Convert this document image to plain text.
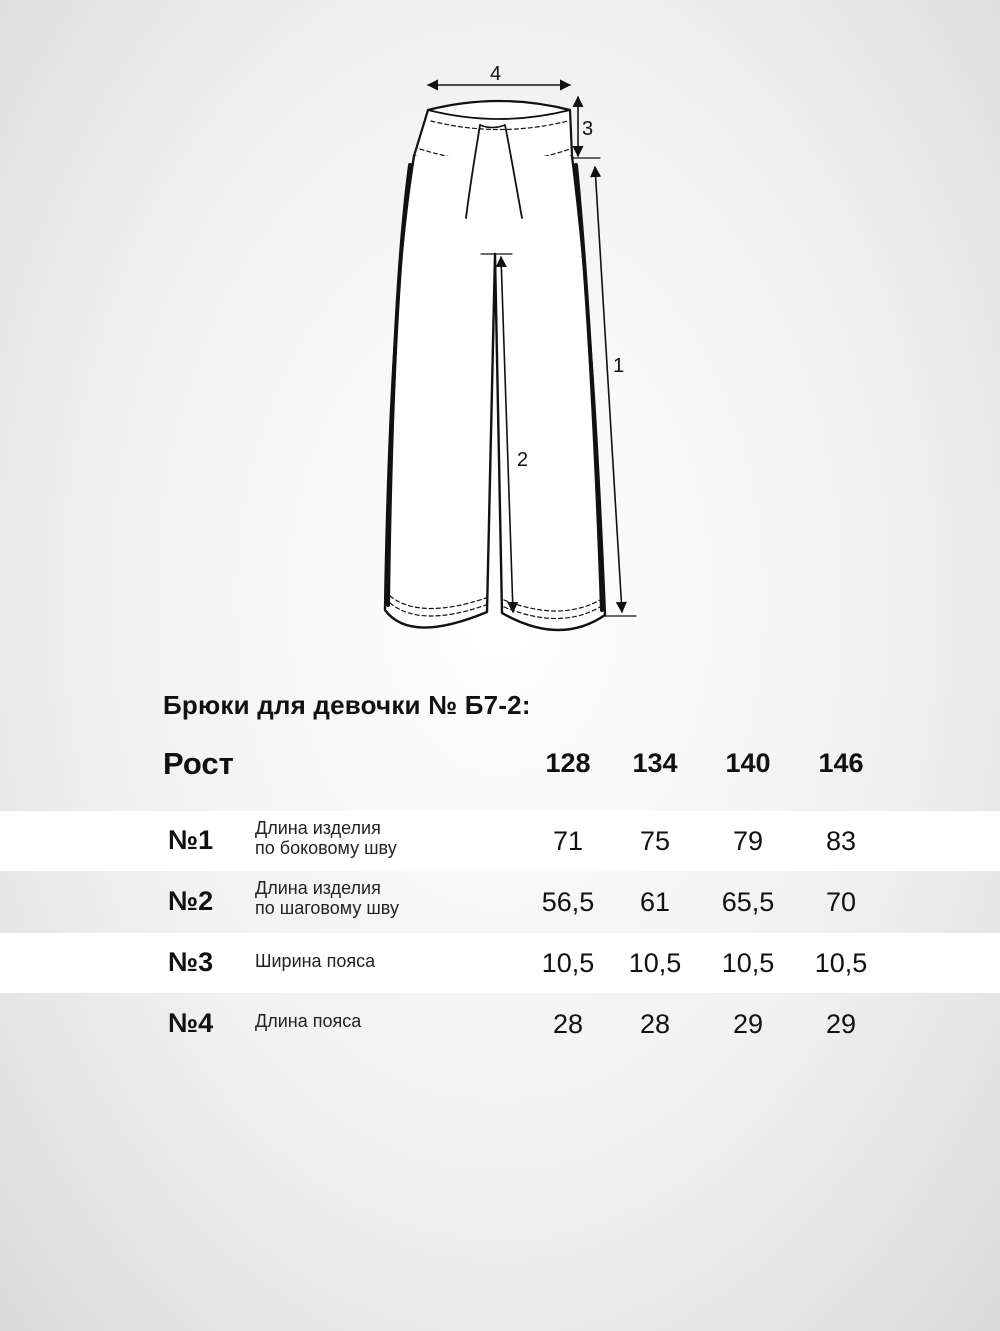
4
3
1
2
Брюки для девочки № Б7-2:
Рост	128	134	140	146
№1 Длина изделия
по боковому шву	71	75	79	83
№2 Длина изделия
по шаговому шву	56,5	61	65,5	70
№3 Ширина пояса	10,5	10,5	10,5	10,5
№4 Длина пояса	28	28	29	29
